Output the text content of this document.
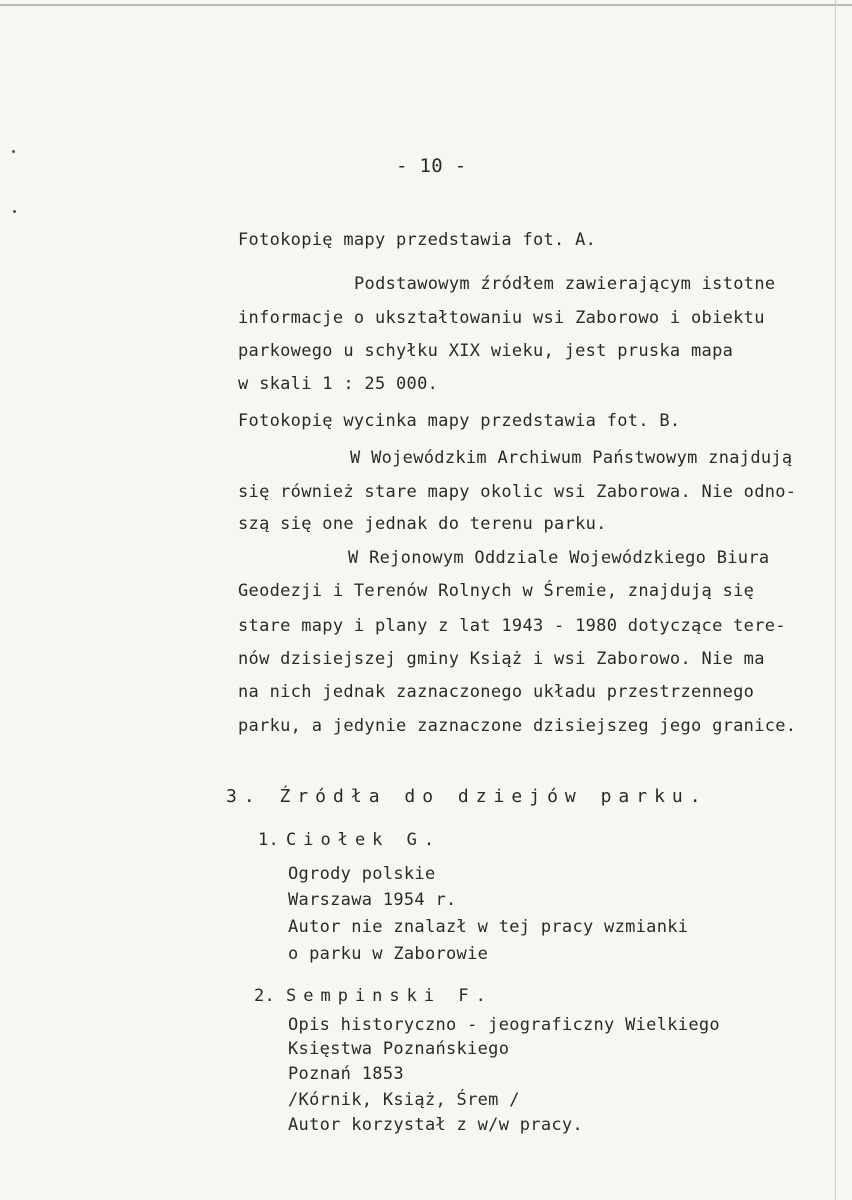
- 10 -
Fotokopię mapy przedstawia fot. A.
Podstawowym źródłem zawierającym istotne
informacje o ukształtowaniu wsi Zaborowo i obiektu
parkowego u schyłku XIX wieku, jest pruska mapa
w skali 1 : 25 000.
Fotokopię wycinka mapy przedstawia fot. B.
W Wojewódzkim Archiwum Państwowym znajdują
się również stare mapy okolic wsi Zaborowa. Nie odno-
szą się one jednak do terenu parku.
W Rejonowym Oddziale Wojewódzkiego Biura
Geodezji i Terenów Rolnych w Śremie, znajdują się
stare mapy i plany z lat 1943 - 1980 dotyczące tere-
nów dzisiejszej gminy Książ i wsi Zaborowo. Nie ma
na nich jednak zaznaczonego układu przestrzennego
parku, a jedynie zaznaczone dzisiejszeg jego granice.
3. Źródła do dziejów parku.
1. Ciołek G.
Ogrody polskie
Warszawa 1954 r.
Autor nie znalazł w tej pracy wzmianki
o parku w Zaborowie
2. Sempinski F.
Opis historyczno - jeograficzny Wielkiego
Księstwa Poznańskiego
Poznań 1853
/Kórnik, Książ, Śrem /
Autor korzystał z w/w pracy.
